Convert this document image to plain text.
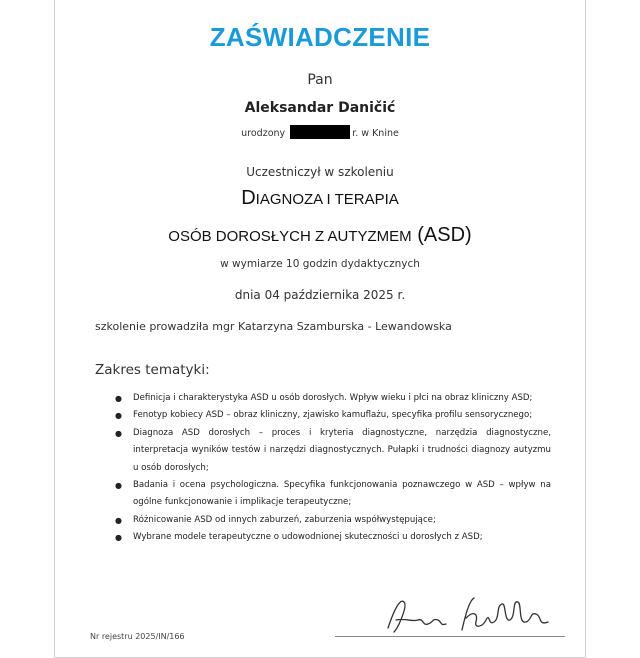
ZAŚWIADCZENIE
Pan
Aleksandar Daničić
urodzony	r. w Knine
Uczestniczył w szkoleniu
DIAGNOZA I TERAPIA
OSÓB DOROSŁYCH Z AUTYZMEM (ASD)
w wymiarze 10 godzin dydaktycznych
dnia 04 października 2025 r.
szkolenie prowadziła mgr Katarzyna Szamburska - Lewandowska
Zakres tematyki:
● Definicja i charakterystyka ASD u osób dorosłych. Wpływ wieku i płci na obraz kliniczny ASD;
● Fenotyp kobiecy ASD – obraz kliniczny, zjawisko kamuflażu, specyfika profilu sensorycznego;
● Diagnoza ASD dorosłych – proces i kryteria diagnostyczne, narzędzia diagnostyczne, interpretacja wyników testów i narzędzi diagnostycznych. Pułapki i trudności diagnozy autyzmu u osób dorosłych;
● Badania i ocena psychologiczna. Specyfika funkcjonowania poznawczego w ASD – wpływ na ogólne funkcjonowanie i implikacje terapeutyczne;
● Różnicowanie ASD od innych zaburzeń, zaburzenia współwystępujące;
● Wybrane modele terapeutyczne o udowodnionej skuteczności u dorosłych z ASD;
Nr rejestru 2025/IN/166
